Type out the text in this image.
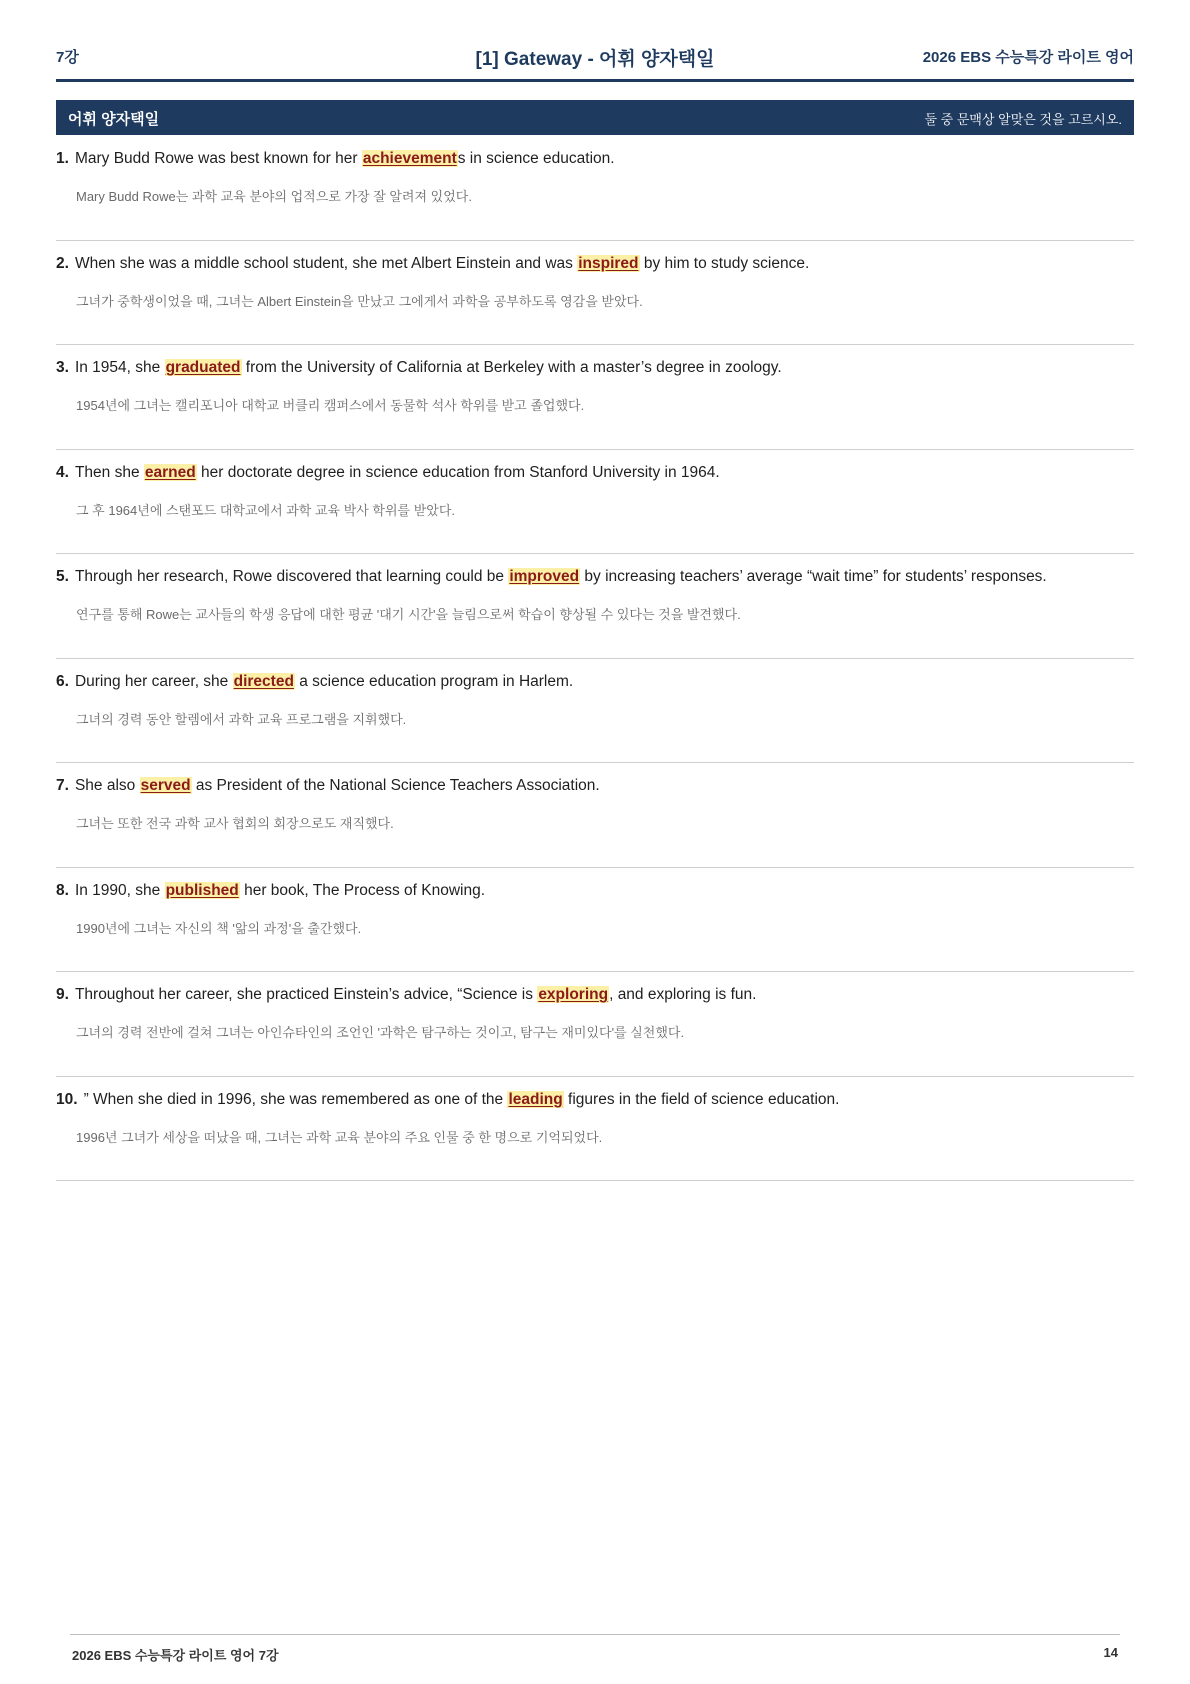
7강	[1] Gateway - 어휘 양자택일	2026 EBS 수능특강 라이트 영어
어휘 양자택일	둘 중 문맥상 알맞은 것을 고르시오.
1. Mary Budd Rowe was best known for her achievements in science education.
Mary Budd Rowe는 과학 교육 분야의 업적으로 가장 잘 알려져 있었다.
2. When she was a middle school student, she met Albert Einstein and was inspired by him to study science.
그녀가 중학생이었을 때, 그녀는 Albert Einstein을 만났고 그에게서 과학을 공부하도록 영감을 받았다.
3. In 1954, she graduated from the University of California at Berkeley with a master’s degree in zoology.
1954년에 그녀는 캘리포니아 대학교 버클리 캠퍼스에서 동물학 석사 학위를 받고 졸업했다.
4. Then she earned her doctorate degree in science education from Stanford University in 1964.
그 후 1964년에 스탠포드 대학교에서 과학 교육 박사 학위를 받았다.
5. Through her research, Rowe discovered that learning could be improved by increasing teachers’ average “wait time” for students’ responses.
연구를 통해 Rowe는 교사들의 학생 응답에 대한 평균 '대기 시간'을 늘림으로써 학습이 향상될 수 있다는 것을 발견했다.
6. During her career, she directed a science education program in Harlem.
그녀의 경력 동안 할렘에서 과학 교육 프로그램을 지휘했다.
7. She also served as President of the National Science Teachers Association.
그녀는 또한 전국 과학 교사 협회의 회장으로도 재직했다.
8. In 1990, she published her book, The Process of Knowing.
1990년에 그녀는 자신의 책 '앎의 과정'을 출간했다.
9. Throughout her career, she practiced Einstein’s advice, “Science is exploring, and exploring is fun.
그녀의 경력 전반에 걸쳐 그녀는 아인슈타인의 조언인 '과학은 탐구하는 것이고, 탐구는 재미있다'를 실천했다.
10. ” When she died in 1996, she was remembered as one of the leading figures in the field of science education.
1996년 그녀가 세상을 떠났을 때, 그녀는 과학 교육 분야의 주요 인물 중 한 명으로 기억되었다.
2026 EBS 수능특강 라이트 영어 7강	14
